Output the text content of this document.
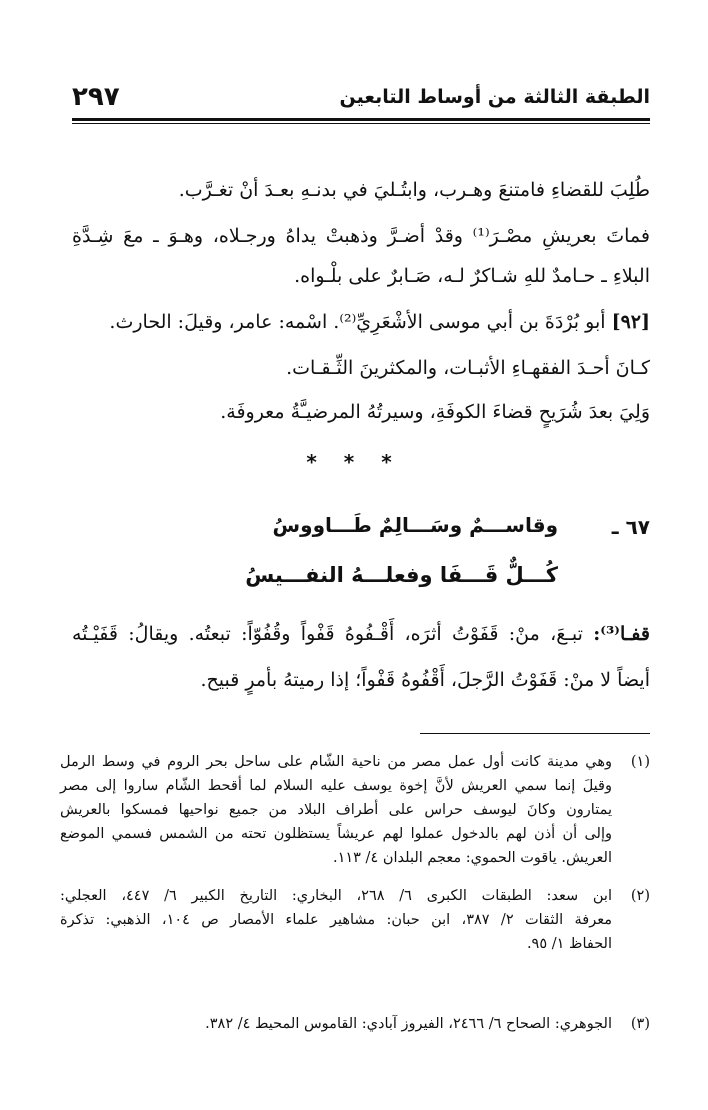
الطبقة الثالثة من أوساط التابعين
٢٩٧
طُلِبَ للقضاءِ فامتنعَ وهـرب، وابتُـليَ في بدنـهِ بعـدَ أنْ تغـرَّب.
فماتَ بعريشِ مصْـرَ⁽¹⁾ وقدْ أضـرَّ وذهبتْ يداهُ ورجـلاه، وهـوَ ـ معَ شِـدَّةِ
البلاءِ ـ حـامدٌ للهِ شـاكرٌ لـه، صَـابرٌ على بلْـواه.
[٩٢] أبو بُرْدَةَ بن أبي موسى الأشْعَرِيِّ⁽²⁾. اسْمه: عامر، وقيلَ: الحارث.
كـانَ أحـدَ الفقهـاءِ الأثبـات، والمكثرينَ الثِّـقـات.
وَلِيَ بعدَ شُرَيحٍ قضاءَ الكوفَةِ، وسيرتُهُ المرضيـَّةُ معروفَة.
* * *
٦٧ ـ
وقاســـمٌ وسَـــالِمٌ طَـــاووسُ
كُـــلٌّ قَـــفَا وفعلـــهُ النفـــيسُ
قفـا⁽³⁾: تبـعَ، منْ: قَفَوْتُ أثرَه، أَقْـفُوهُ قَفْواً وقُفُوّاً: تبعتُه. ويقالُ: قَفَيْـتُه
أيضاً لا منْ: قَفَوْتُ الرَّجلَ، أَقْفُوهُ قَفْواً؛ إذا رميتهُ بأمرٍ قبيح.
(١)
وهي مدينة كانت أول عمل مصر من ناحية الشّام على ساحل بحر الروم في وسط الرمل
وقيلَ إنما سمي العريش لأنَّ إخوة يوسف عليه السلام لما أقحط الشّام ساروا إلى مصر
يمتارون وكانَ ليوسف حراس على أطراف البلاد من جميع نواحيها فمسكوا بالعريش
وإلى أن أذن لهم بالدخول عملوا لهم عريشاً يستظلون تحته من الشمس فسمي الموضع
العريش. ياقوت الحموي: معجم البلدان ٤/ ١١٣.
(٢)
ابن سعد: الطبقات الكبرى ٦/ ٢٦٨، البخاري: التاريخ الكبير ٦/ ٤٤٧، العجلي:
معرفة الثقات ٢/ ٣٨٧، ابن حبان: مشاهير علماء الأمصار ص ١٠٤، الذهبي: تذكرة
الحفاظ ١/ ٩٥.
(٣)
الجوهري: الصحاح ٦/ ٢٤٦٦، الفيروز آبادي: القاموس المحيط ٤/ ٣٨٢.
